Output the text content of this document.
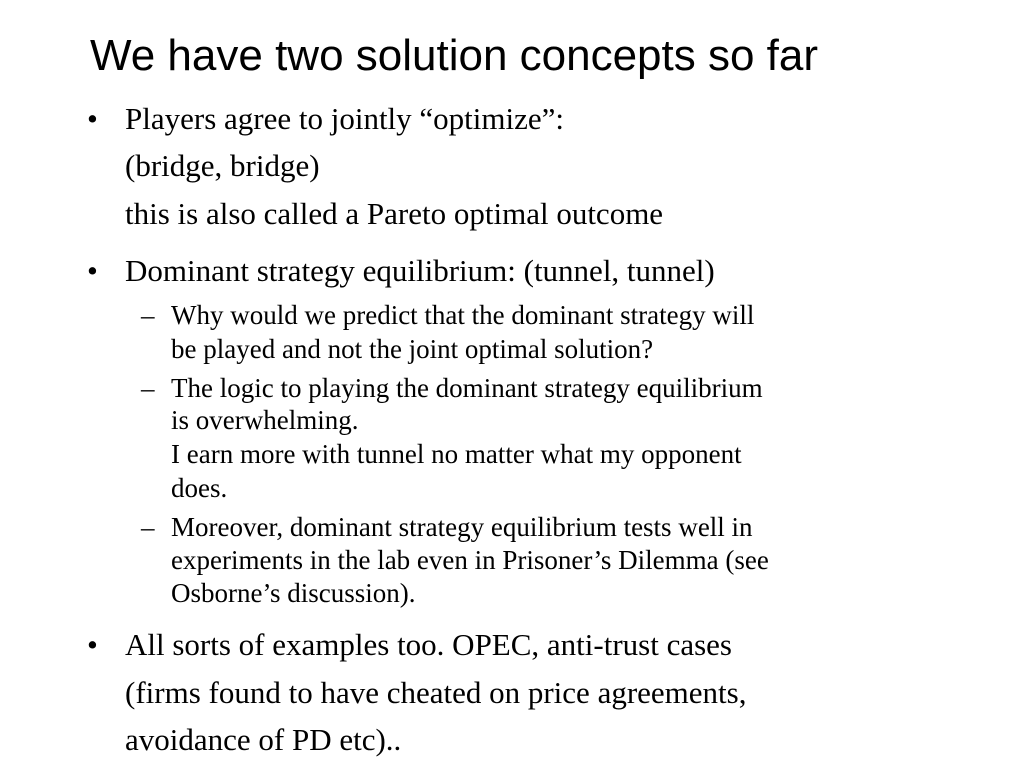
We have two solution concepts so far
• Players agree to jointly “optimize”:
(bridge, bridge)
this is also called a Pareto optimal outcome
• Dominant strategy equilibrium: (tunnel, tunnel)
– Why would we predict that the dominant strategy will
be played and not the joint optimal solution?
– The logic to playing the dominant strategy equilibrium
is overwhelming.
I earn more with tunnel no matter what my opponent
does.
– Moreover, dominant strategy equilibrium tests well in
experiments in the lab even in Prisoner’s Dilemma (see
Osborne’s discussion).
• All sorts of examples too. OPEC, anti-trust cases
(firms found to have cheated on price agreements,
avoidance of PD etc)..
